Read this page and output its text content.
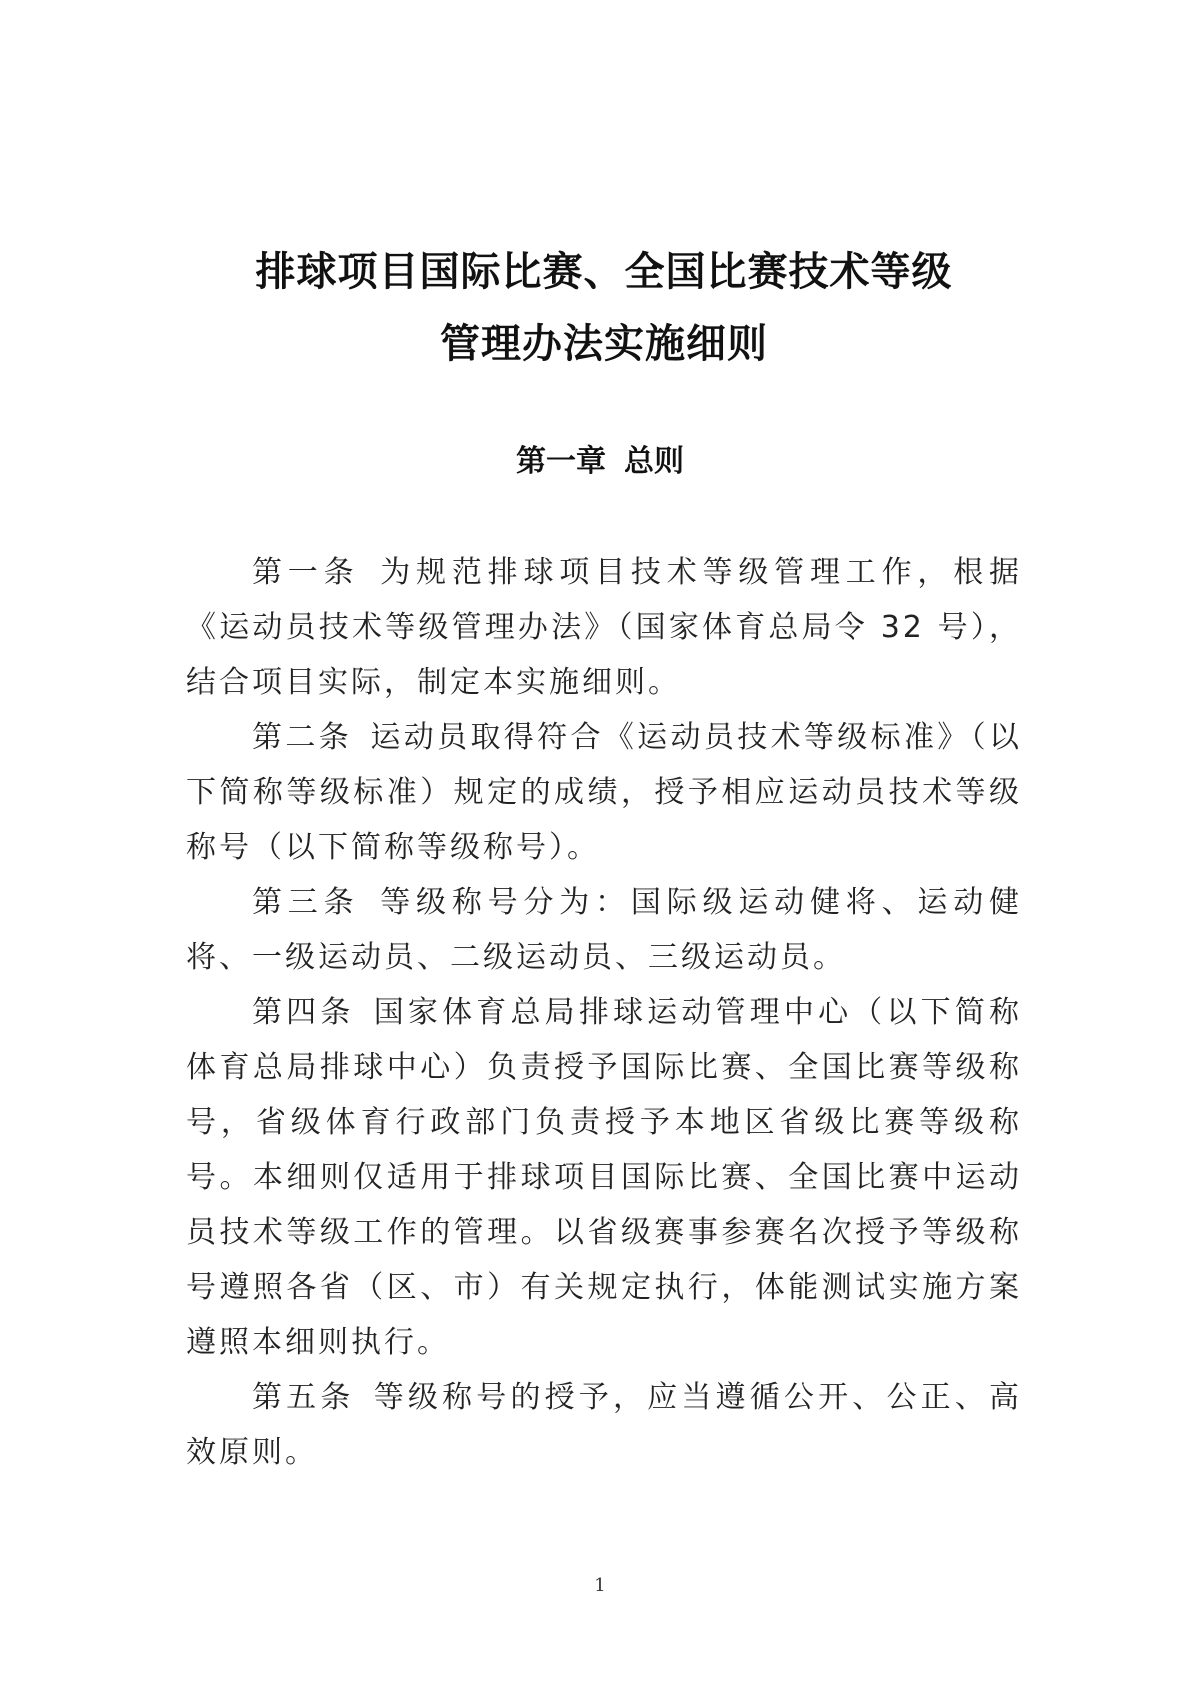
排球项目国际比赛、全国比赛技术等级
管理办法实施细则
第一章 总则

第一条 为规范排球项目技术等级管理工作，根据《运动员技术等级管理办法》（国家体育总局令 32 号），结合项目实际，制定本实施细则。

第二条 运动员取得符合《运动员技术等级标准》（以下简称等级标准）规定的成绩，授予相应运动员技术等级称号（以下简称等级称号）。

第三条 等级称号分为：国际级运动健将、运动健将、一级运动员、二级运动员、三级运动员。

第四条 国家体育总局排球运动管理中心（以下简称体育总局排球中心）负责授予国际比赛、全国比赛等级称号，省级体育行政部门负责授予本地区省级比赛等级称号。本细则仅适用于排球项目国际比赛、全国比赛中运动员技术等级工作的管理。以省级赛事参赛名次授予等级称号遵照各省（区、市）有关规定执行，体能测试实施方案遵照本细则执行。

第五条 等级称号的授予，应当遵循公开、公正、高效原则。

1
